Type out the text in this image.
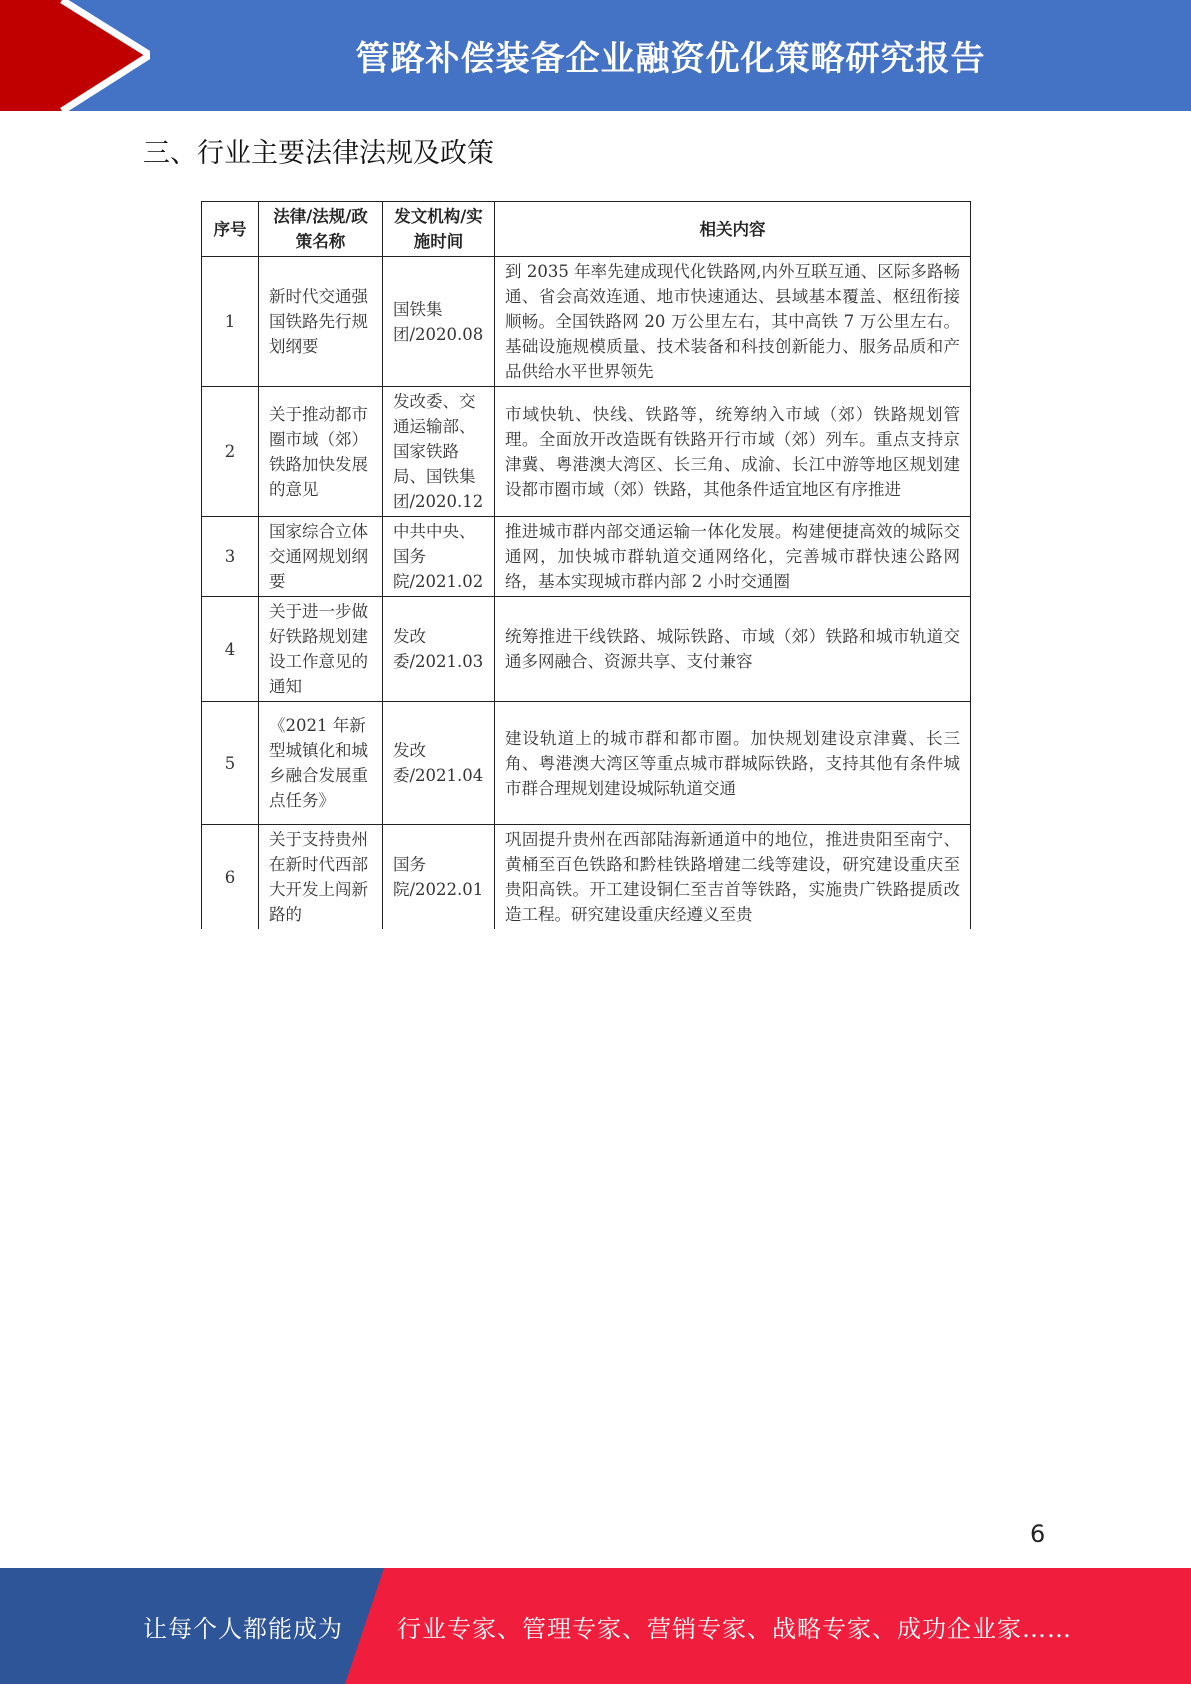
管路补偿装备企业融资优化策略研究报告
三、行业主要法律法规及政策
序号	法律/法规/政策名称	发文机构/实施时间	相关内容
1	新时代交通强国铁路先行规划纲要	国铁集团/2020.08	到 2035 年率先建成现代化铁路网,内外互联互通、区际多路畅通、省会高效连通、地市快速通达、县域基本覆盖、枢纽衔接顺畅。全国铁路网 20 万公里左右，其中高铁 7 万公里左右。基础设施规模质量、技术装备和科技创新能力、服务品质和产品供给水平世界领先
2	关于推动都市圈市域（郊）铁路加快发展的意见	发改委、交通运输部、国家铁路局、国铁集团/2020.12	市域快轨、快线、铁路等，统筹纳入市域（郊）铁路规划管理。全面放开改造既有铁路开行市域（郊）列车。重点支持京津冀、粤港澳大湾区、长三角、成渝、长江中游等地区规划建设都市圈市域（郊）铁路，其他条件适宜地区有序推进
3	国家综合立体交通网规划纲要	中共中央、国务院/2021.02	推进城市群内部交通运输一体化发展。构建便捷高效的城际交通网，加快城市群轨道交通网络化，完善城市群快速公路网络，基本实现城市群内部 2 小时交通圈
4	关于进一步做好铁路规划建设工作意见的通知	发改委/2021.03	统筹推进干线铁路、城际铁路、市域（郊）铁路和城市轨道交通多网融合、资源共享、支付兼容
5	《2021 年新型城镇化和城乡融合发展重点任务》	发改委/2021.04	建设轨道上的城市群和都市圈。加快规划建设京津冀、长三角、粤港澳大湾区等重点城市群城际铁路，支持其他有条件城市群合理规划建设城际轨道交通
6	关于支持贵州在新时代西部大开发上闯新路的	国务院/2022.01	巩固提升贵州在西部陆海新通道中的地位，推进贵阳至南宁、黄桶至百色铁路和黔桂铁路增建二线等建设，研究建设重庆至贵阳高铁。开工建设铜仁至吉首等铁路，实施贵广铁路提质改造工程。研究建设重庆经遵义至贵
6
让每个人都能成为 行业专家、管理专家、营销专家、战略专家、成功企业家……
